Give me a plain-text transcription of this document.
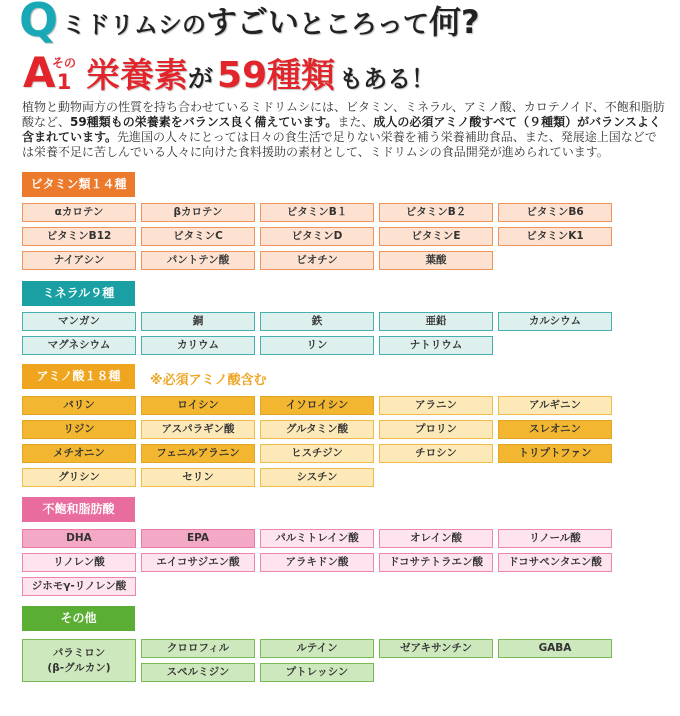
Q ミドリムシの すごい ところって 何?
A
その
1 栄養素 が 59 種類 もある！

植物と動物両方の性質を持ち合わせているミドリムシには、ビタミン、ミネラル、アミノ酸、カロテノイド、不飽和脂肪酸など、59種類もの栄養素をバランス良く備えています。また、成人の必須アミノ酸すべて（９種類）がバランスよく含まれています。先進国の人々にとっては日々の食生活で足りない栄養を補う栄養補助食品、また、発展途上国などでは栄養不足に苦しんでいる人々に向けた食料援助の素材として、ミドリムシの食品開発が進められています。

ビタミン類１４種
αカロテン	βカロテン	ビタミンB１	ビタミンB２	ビタミンB6
ビタミンB12	ビタミンC	ビタミンD	ビタミンE	ビタミンK1
ナイアシン	パントテン酸	ビオチン	葉酸
ミネラル９種
マンガン	銅	鉄	亜鉛	カルシウム
マグネシウム	カリウム	リン	ナトリウム
アミノ酸１８種	※必須アミノ酸含む
バリン	ロイシン	イソロイシン	アラニン	アルギニン
リジン	アスパラギン酸	グルタミン酸	プロリン	スレオニン
メチオニン	フェニルアラニン	ヒスチジン	チロシン	トリプトファン
グリシン	セリン	シスチン
不飽和脂肪酸
DHA	EPA	パルミトレイン酸	オレイン酸	リノール酸
リノレン酸	エイコサジエン酸	アラキドン酸	ドコサテトラエン酸	ドコサペンタエン酸
ジホモγ-リノレン酸
その他
パラミロン
(β-グルカン)
クロロフィル	ルテイン	ゼアキサンチン	GABA
スペルミジン	プトレッシン
